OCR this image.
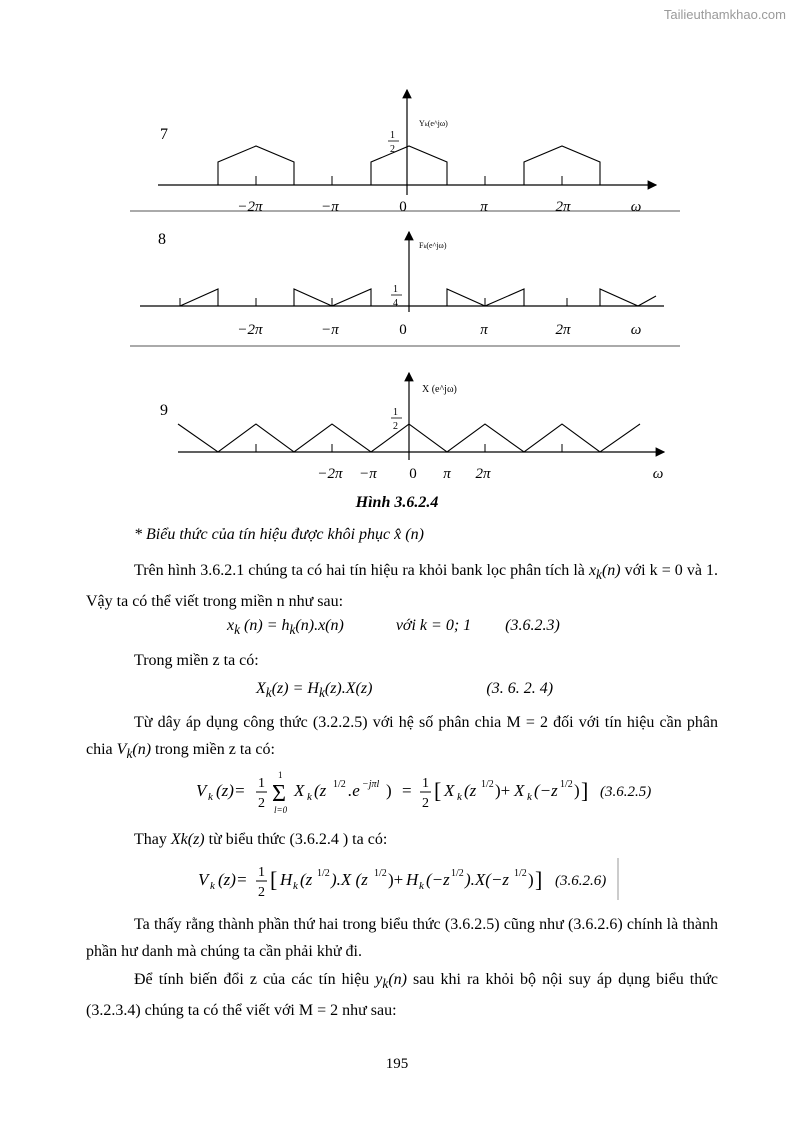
Tailieuthamkhao.com
7
Yₖ(e^jω)
1
2
−2π	−π	0	π	2π	ω
8	Fₖ(e^jω)
1
4
−2π	−π	0	π	2π	ω
9
X (e^jω)
1
2
−2π −π 0 π 2π	ω
Hình 3.6.2.4
* Biểu thức của tín hiệu được khôi phục x̂ (n)
Trên hình 3.6.2.1 chúng ta có hai tín hiệu ra khỏi bank lọc phân tích là $x_k(n)$ với k = 0 và 1. Vậy ta có thể viết trong miền n như sau:
$x_k$ $(n) = h_k(n).x(n)$	với k = 0; 1 (3.6.2.3)
Trong miền z ta có:
$X_k(z) = H_k(z).X(z)$	(3. 6. 2. 4)
Từ dây áp dụng công thức (3.2.2.5) với hệ số phân chia M = 2 đối với tín hiệu cần phân chia $V_k(n)$ trong miền z ta có:
V k (z)= 1
2 Σ
1
l=0
X k (z 1/2 .e −jπl ) = 1
2
[ X k (z 1/2 )+ X k (−z 1/2 ) ] (3.6.2.5)
Thay Xk(z) từ biểu thức (3.6.2.4 ) ta có:
V k (z)= 1
2
[ H k (z 1/2 ).X (z 1/2 )+ H k (−z 1/2 ).X(−z 1/2 ) ] (3.6.2.6)
Ta thấy rằng thành phần thứ hai trong biểu thức (3.6.2.5) cũng như (3.6.2.6) chính là thành phần hư danh mà chúng ta cần phải khử đi.
Để tính biến đổi z của các tín hiệu $y_k(n)$ sau khi ra khỏi bộ nội suy áp dụng biểu thức (3.2.3.4) chúng ta có thể viết với M = 2 như sau:
195
